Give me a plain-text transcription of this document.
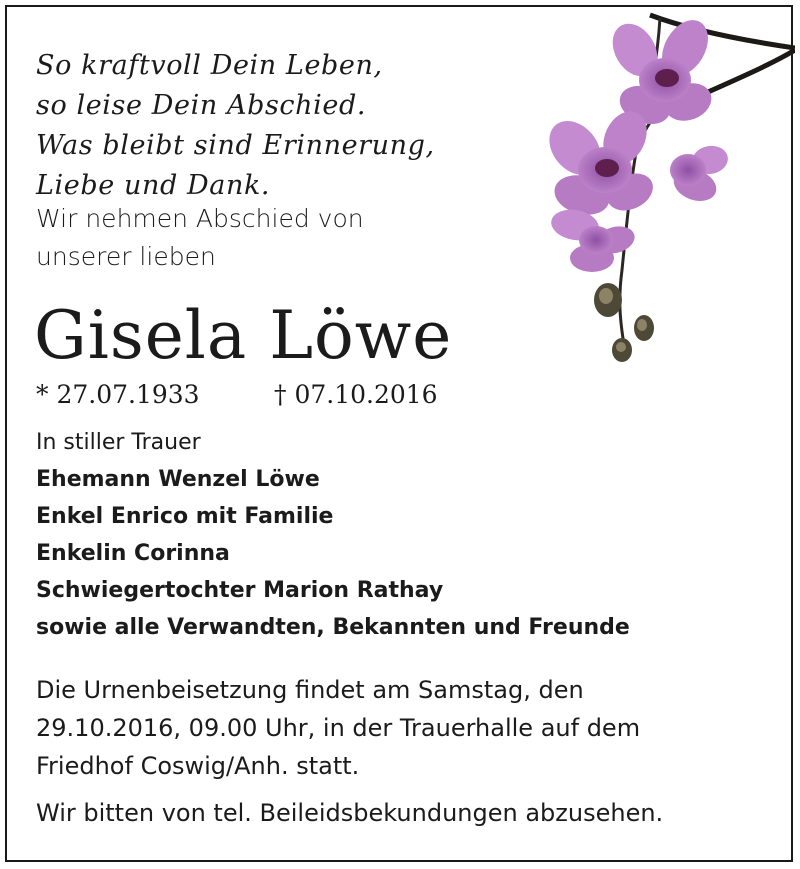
So kraftvoll Dein Leben,
so leise Dein Abschied.
Was bleibt sind Erinnerung,
Liebe und Dank.
Wir nehmen Abschied von
unserer lieben
Gisela Löwe
* 27.07.1933	† 07.10.2016
In stiller Trauer
Ehemann Wenzel Löwe
Enkel Enrico mit Familie
Enkelin Corinna
Schwiegertochter Marion Rathay
sowie alle Verwandten, Bekannten und Freunde
Die Urnenbeisetzung findet am Samstag, den
29.10.2016, 09.00 Uhr, in der Trauerhalle auf dem
Friedhof Coswig/Anh. statt.
Wir bitten von tel. Beileidsbekundungen abzusehen.
